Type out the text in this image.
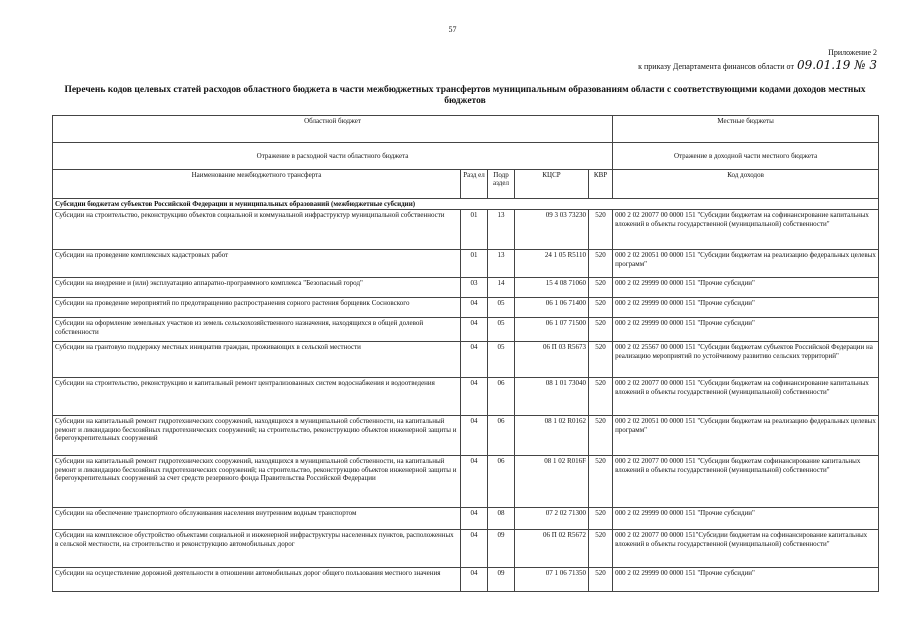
57
Приложение 2
к приказу Департамента финансов области от 09.01.19 № 3
Перечень кодов целевых статей расходов областного бюджета в части межбюджетных трансфертов муниципальным образованиям области с соответствующими кодами доходов местных бюджетов
Областной бюджет					Местные бюджеты
Отражение в расходной части областного бюджета					Отражение в доходной части местного бюджета
Наименование межбюджетного трансферта	Разд ел	Подр аздел	КЦСР	КВР	Код доходов
Субсидии бюджетам субъектов Российской Федерации и муниципальных образований (межбюджетные субсидии)					
Субсидии на строительство, реконструкцию объектов социальной и коммунальной инфраструктур муниципальной собственности	01	13	09 3 03 73230	520	000 2 02 20077 00 0000 151 "Субсидии бюджетам на софинансирование капитальных вложений в объекты государственной (муниципальной) собственности"
Субсидии на проведение комплексных кадастровых работ	01	13	24 1 05 R5110	520	000 2 02 20051 00 0000 151 "Субсидии бюджетам на реализацию федеральных целевых программ"
Субсидии на внедрение и (или) эксплуатацию аппаратно-программного комплекса "Безопасный город"	03	14	15 4 08 71060	520	000 2 02 29999 00 0000 151 "Прочие субсидии"
Субсидии на проведение мероприятий по предотвращению распространения сорного растения борщевик Сосновского	04	05	06 1 06 71400	520	000 2 02 29999 00 0000 151 "Прочие субсидии"
Субсидии на оформление земельных участков из земель сельскохозяйственного назначения, находящихся в общей долевой собственности	04	05	06 1 07 71500	520	000 2 02 29999 00 0000 151 "Прочие субсидии"
Субсидии на грантовую поддержку местных инициатив граждан, проживающих в сельской местности	04	05	06 П 03 R5673	520	000 2 02 25567 00 0000 151 "Субсидии бюджетам субъектов Российской Федерации на реализацию мероприятий по устойчивому развитию сельских территорий"
Субсидии на строительство, реконструкцию и капитальный ремонт централизованных систем водоснабжения и водоотведения	04	06	08 1 01 73040	520	000 2 02 20077 00 0000 151 "Субсидии бюджетам на софинансирование капитальных вложений в объекты государственной (муниципальной) собственности"
Субсидии на капитальный ремонт гидротехнических сооружений, находящихся в муниципальной собственности, на капитальный ремонт и ликвидацию бесхозяйных гидротехнических сооружений; на строительство, реконструкцию объектов инженерной защиты и берегоукрепительных сооружений	04	06	08 1 02 R0162	520	000 2 02 20051 00 0000 151 "Субсидии бюджетам на реализацию федеральных целевых программ"
Субсидии на капитальный ремонт гидротехнических сооружений, находящихся в муниципальной собственности, на капитальный ремонт и ликвидацию бесхозяйных гидротехнических сооружений; на строительство, реконструкцию объектов инженерной защиты и берегоукрепительных сооружений за счет средств резервного фонда Правительства Российской Федерации	04	06	08 1 02 R016F	520	000 2 02 20077 00 0000 151 "Субсидии бюджетам софинансирование капитальных вложений в объекты государственной (муниципальной) собственности"
Субсидии на обеспечение транспортного обслуживания населения внутренним водным транспортом	04	08	07 2 02 71300	520	000 2 02 29999 00 0000 151 "Прочие субсидии"
Субсидии на комплексное обустройство объектами социальной и инженерной инфраструктуры населенных пунктов, расположенных в сельской местности, на строительство и реконструкцию автомобильных дорог	04	09	06 П 02 R5672	520	000 2 02 20077 00 0000 151"Субсидии бюджетам на софинансирование капитальных вложений в объекты государственной (муниципальной) собственности"
Субсидии на осуществление дорожной деятельности в отношении автомобильных дорог общего пользования местного значения	04	09	07 1 06 71350	520	000 2 02 29999 00 0000 151 "Прочие субсидии"
